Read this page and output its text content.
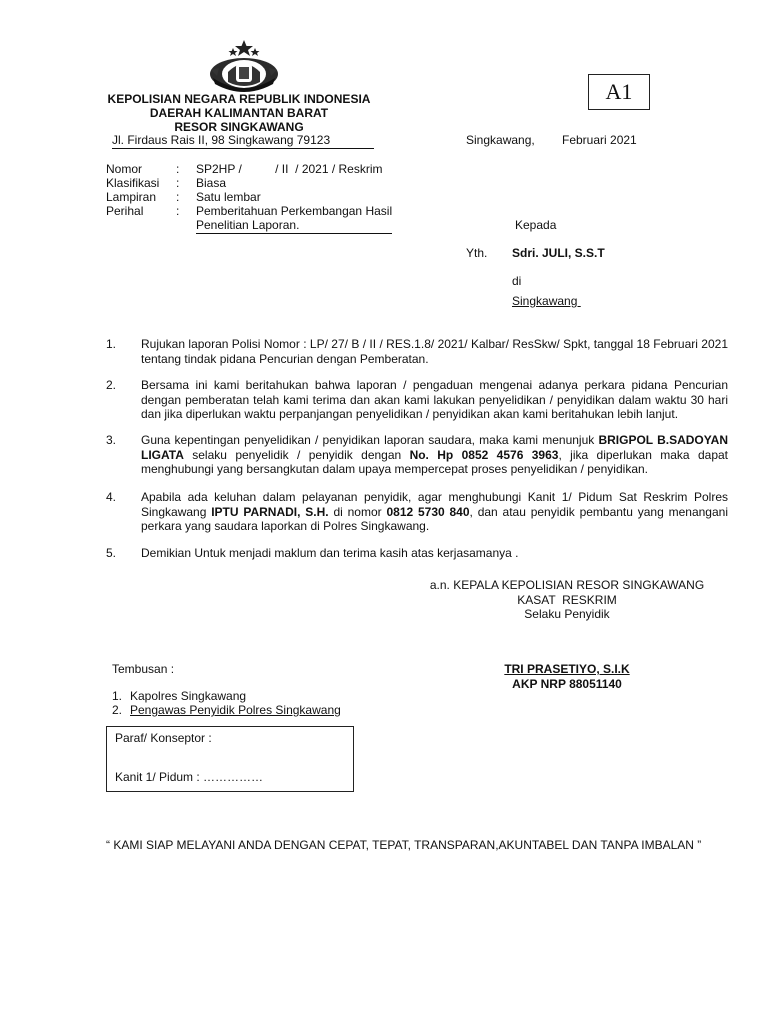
KEPOLISIAN NEGARA REPUBLIK INDONESIA
DAERAH KALIMANTAN BARAT
RESOR SINGKAWANG
Jl. Firdaus Rais II, 98 Singkawang 79123
A1
Singkawang, Februari 2021
Nomor	: SP2HP /          / II  / 2021 / Reskrim
Klasifikasi : Biasa
Lampiran : Satu lembar
Perihal	: Pemberitahuan Perkembangan Hasil
Penelitian Laporan.	Kepada
Yth. Sdri. JULI, S.S.T
di
Singkawang
1. Rujukan laporan Polisi Nomor : LP/ 27/ B / II / RES.1.8/ 2021/ Kalbar/ ResSkw/ Spkt, tanggal 18 Februari 2021 tentang tindak pidana Pencurian dengan Pemberatan.
2. Bersama ini kami beritahukan bahwa laporan / pengaduan mengenai adanya perkara pidana Pencurian dengan pemberatan telah kami terima dan akan kami lakukan penyelidikan / penyidikan dalam waktu 30 hari dan jika diperlukan waktu perpanjangan penyelidikan / penyidikan akan kami beritahukan lebih lanjut.
3. Guna kepentingan penyelidikan / penyidikan laporan saudara, maka kami menunjuk BRIGPOL B.SADOYAN LIGATA selaku penyelidik / penyidik dengan No. Hp 0852 4576 3963, jika diperlukan maka dapat menghubungi yang bersangkutan dalam upaya mempercepat proses penyelidikan / penyidikan.
4. Apabila ada keluhan dalam pelayanan penyidik, agar menghubungi Kanit 1/ Pidum Sat Reskrim Polres Singkawang IPTU PARNADI, S.H. di nomor 0812 5730 840, dan atau penyidik pembantu yang menangani perkara yang saudara laporkan di Polres Singkawang.
5. Demikian Untuk menjadi maklum dan terima kasih atas kerjasamanya .
a.n. KEPALA KEPOLISIAN RESOR SINGKAWANG
KASAT  RESKRIM
Selaku Penyidik
TRI PRASETIYO, S.I.K
AKP NRP 88051140
Tembusan :
1. Kapolres Singkawang
2. Pengawas Penyidik Polres Singkawang
Paraf/ Konseptor :
Kanit 1/ Pidum : ……………
“ KAMI SIAP MELAYANI ANDA DENGAN CEPAT, TEPAT, TRANSPARAN,AKUNTABEL DAN TANPA IMBALAN ”
